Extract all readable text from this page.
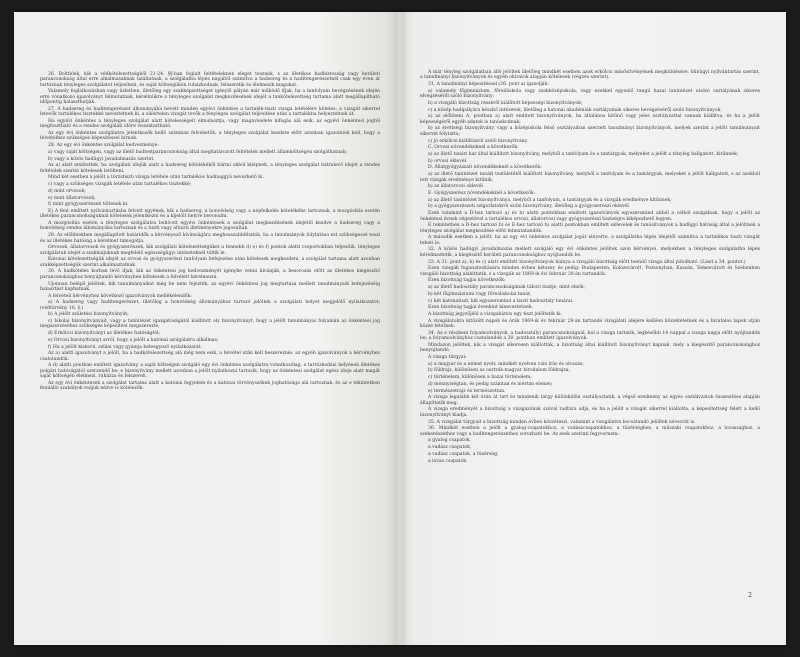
26. Boltfelek, kik a védkötelezettségből 21-24. §§-ban foglalt feltételeknek eleget tesznek, s az illetékes hadbiztosság vagy kerületi parancsnokság által erre alkalmasaknak találtatnak, a szolgálatba lépés napjától számítva a hadsereg és a haditengerészetnél csak egy éven át tartoznak tényleges szolgálatot teljesíteni, és saját költségükön ruházkodnak, felszerelik és élelmezik magukat.

Valamely foglalkozásban vagy üzletben, illetőleg egy szakképzettséget igénylő pályán már működő ifjak, ha a tanfolyam bevégzésének idején erre vonatkozó igazolványt felmutatnak, kérelmükre a tényleges szolgálat megkezdésének idejét a tankötelezettség tartama alatt megállapítható időpontig halaszthatják.

27. A hadsereg és haditengerészet állományába bevett minden egyévi önkéntes a tartalék-tiszti vizsga letételére köteles; a vizsgát sikerrel letevők tartalékos tisztekké neveztetnek ki, a sikertelen vizsgát tevők a tényleges szolgálat teljesítése után a tartalékba helyeztetnek át.

Ha egyévi önkéntes a tényleges szolgálat alatt kötelességeit elmulasztja, vagy magaviselete kifogás alá esik, az egyévi önkéntesi jogtól megfosztható és a rendes szolgálati időre visszatartható.

Az egy évi önkéntes szolgálatra jelentkezők kellő számban felvehetők, a tényleges szolgálat kezdete előtt azonban igazolniok kell, hogy a felvételhez szükséges képesítéssel bírnak.

28. Az egy évi önkéntes szolgálat kedvezménye:

a) vagy saját költségen, vagy az illető hadtestparancsnokság által meghatározott feltételek mellett államköltségen szolgálhatnak;

b) vagy a közös hadügyi javadalmazás szerint.

Az a) alatt említettek, ha szolgálati idejük alatt a hadsereg kötelékéből bármi okból kilépnek, a tényleges szolgálat hátralevő idejét a rendes feltételek szerint kötelesek letölteni.

Mind két esetben a jelölt a törzstiszti vizsga letétele után tartalékos hadnaggyá nevezhető ki.

c) vagy a szükséges vizsgák letétele után tartalékos tisztekké;

d) mint orvosok;

e) mint állatorvosok;

f) mint gyógyszerészek töltenek ki.

E) A fent említett nyilvántartásba felvett egyének, kik a hadsereg, a honvédség vagy a népfelkelés kötelékébe tartoznak, a mozgósítás esetén illetékes parancsnokságuknál kötelesek jelentkezni és a kijelölt helyre bevonulni.

A mozgósítás esetén a tényleges szolgálatra behívott egyévi önkéntesek a szolgálat megkezdésének idejétől kezdve a hadsereg vagy a honvédség rendes állományába tartoznak és a tiszti vagy altiszti illetményekre jogosultak.

29. Az előbbiekben megállapított határidők a kérvényező kívánságára meghosszabbíthatók, ha a tanulmányok folytatása ezt szükségessé teszi és az illetékes hatóság a kérelmet támogatja.

Orvosok, állatorvosok és gyógyszerészek, kik szolgálati kötelezettségüket a fennebb d) e) és f) pontok alatti csoportokban teljesítik, tényleges szolgálatuk idejét a szakmájuknak megfelelő egészségügyi intézeteknél töltik le.

Katonai kötelezettségük idejét az orvosi és gyógyszerészi tanfolyam befejezése után kötelesek megkezdeni, a szolgálat tartama alatt azonban szakképzettségük szerint alkalmaztatnak.

30. A hadköteles korban lévő ifjak, kik az önkéntesi jog kedvezményét igénybe venni kívánják, a besorozás előtt az illetékes kiegészítő parancsnoksághoz benyújtandó kérvényben kötelesek a felvételt kérelmezni.

Ujonnan belépő jelöltek, kik tanulmányaikat még be nem fejezték, az egyévi önkéntesi jog megtartása mellett tanulmányaik befejezéséig halasztást kaphatnak.

A felvételi kérvényhez következő igazolványok mellékelendők:

a) A hadsereg vagy haditengerészet, illetőleg a honvédség állományához tartozó jelöltek a szolgálati helyet megjelölő nyilatkozatot; (védtörvény 16. §.)

b) A jelölt születési bizonyítványát;

c) Iskolai bizonyítványait, vagy a tanintézet igazgatóságától kiállított oly bizonyítványt, hogy a jelölt tanulmányai folyamán az önkéntesi jog megszerzéséhez szükséges képesítést megszerezte;

d) Erkölcsi bizonyítványt az illetékes hatóságtól;

e) Orvosi bizonyítványt arról, hogy a jelölt a katonai szolgálatra alkalmas;

f) Ha a jelölt kiskorú, szülei vagy gyámja beleegyező nyilatkozatát.

Az a) alatti igazolványt a jelölt, ha a hadkötelezettség alá még nem esik, a felvétel után kell beszereznie; az egyéb igazolványok a kérvényhez csatolandók.

A d) alatti pontban említett igazolvány, a saját költségen szolgáló egy évi önkéntes szolgálatra vonatkozólag, a tartózkodási helyének illetékes polgári hatóságától szerzendő be; e bizonyítvány mellett azonban a jelölt nyilatkozni tartozik, hogy az önkéntesi szolgálat egész ideje alatt magát saját költségén élelmezi, ruházza és felszereli.

Az egy évi önkéntesek a szolgálat tartama alatt a katonai fegyelem és a katonai törvényszékek joghatósága alá tartoznak, és az e tekintetben fennálló szabályok reájuk nézve is kötelezők.

A már tényleg szolgálatban álló jelöltek illetőleg mindkét esetben azok erkölcsi minősítvényének megküldésére, bűnügyi nyilvántartás szerint, a tanulmányi bizonyítványok és egyéb okiratok alapján kötelesek (végzés szerint).

31. A tanulmányi képesítéssel (26. pont a) igazolják:

a) valamely főgimnázium, főreáliskola vagy szakközépiskola, vagy ezekkel egyenlő rangú hazai tanintézet utolsó osztályának sikeres elvégzéséről szóló bizonyítvány;

b) a vizsgáló bizottság részéről kiállított képességi bizonyítványok;

c) a közép hadipályára készítő intézetek, illetőleg a katonai akadémiák osztályainak sikeres bevégzéséről szóló bizonyítványok.

a) az előbbeni A. pontban a) alatt említett bizonyítványok, ha általános kitűnő vagy jeles osztályzattal vannak kiállítva, és ha a jelölt képességéről egyéb adatok is tanúskodnak;

b) az érettségi bizonyítvány, vagy a középiskola felső osztályaiban szerzett tanulmányi bizonyítványok, melyek szerint a jelölt tanulmányait sikerrel folytatta;

c) jó erkölcsi kiállításról szóló bizonyítvány.

C. Orvosi növendékeknél a következők:

a) az illető tanári kar által kiállított bizonyítvány, melyből a tanfolyam és a tantárgyak, melyeket a jelölt a tényleg hallgatott, kitűnnek;

b) orvosi oklevél.

D. Állatgyógyászati növendékeknél a következők:

a) az illető tanintézet tanári testületétől kiállított bizonyítvány, melyből a tanfolyam és a tantárgyak, melyeket a jelölt hallgatott, s az azokból tett vizsgák eredménye kitűnik;

b) az állatorvosi oklevél.

E. Gyógyszerész növendékeknél a következők:

a) az illető tanintézet bizonyítványa, melyből a tanfolyam, a tantárgyak és a vizsgák eredménye kitűnnek;

b) a gyógyszerészeti szigorlatokról szóló bizonyítvány, illetőleg a gyógyszerészi oklevél.

Ezek valamint a D-hez tartozó a) és b) alatti pontokban említett igazolványok egyszersmind abból a célból szolgálnak, hogy a jelölt az önkéntesi évnek végeztével a tartalékos orvosi, állatorvosi vagy gyógyszerészi tisztségre kiképezhető legyen.

E tekintetben a D-hez tartozó b) és E-hez tartozó b) alatti pontokban említett oklevelek és tanúsítványok a hadügyi hatóság által a jelöltnek a tényleges szolgálat megkezdése előtt felmutatandók.

A második esetben a jelölt, ha az egy évi önkéntes szolgálat jogát elnyerte, a szolgálatba lépés idejétől számítva a tartalékos tiszti vizsgát teheti le.

32. A közös hadügyi javadalmazás mellett szolgáló egy évi önkéntes jelöltek azon kérvényei, melyekben a tényleges szolgálatba lépés kérelmeztetik, a kiegészítő kerületi parancsnoksághoz nyújtandók be.

33. A 31. pont a), b) és c) alatt említett bizonyítványok hiánya a vizsgáló bizottság előtt teendő vizsga által pótolható. (Lásd a 34. pontot.)

Ezen vizsgák foganatosítására minden évben kétszer, és pedig: Budapesten, Kolozsvárott, Pozsonyban, Kassán, Temesvárott és Szebenben vizsgáló bizottság alakíttatik, s a vizsgák az 1869-ik évi február 28-án tartandók.

Ezen bizottság tagjai következők:

a) az illető hadosztály parancsnokságának tábori tisztje, mint elnök,

b) két főgimnáziumi vagy főreáliskolai tanár,

c) két katonatiszt, kik egyszersmind a tiszti hadosztály tanárai.

Ezen bizottság tagjai évenkint kineveztetnek.

A bizottság jegyzőjéül a vizsgabiztos egy tiszt jelöltetik ki.

A vizsgálatokra kitűzött napok és órák 1869-ik év február 28-án tartandó vizsgálati idejére kellően közzétételnek és a hivatalos lapok utján közzé tétetnek.

34. Az e részbeni folyamodványok, a hadosztályi parancsnokságnál, hol a vizsga tartatik, legkésőbb 14 nappal a vizsga napja előtt nyújtandók be; a folyamodványhoz csatolandók a 30. pontban említett igazolványok.

Mindazon jelöltek, kik a vizsgát sikeresen kiállották, a bizottság által kiállított bizonyítványt kapnak, mely a kiegészítő parancsnoksághoz benyújtandó.

A vizsga tárgyai:

a) a magyar és a német nyelv, mindkét nyelven való írás és olvasás;

b) földrajz, különösen az osztrák-magyar birodalom földrajza;

c) történelem, különösen a hazai történelem;

d) mennyiségtan, és pedig számtan és mértan elemei;

e) természetrajz és természettan.

A vizsga legalább két órán át tart és mindenik tárgy különkülön osztályoztatik, a végső eredmény az egyes osztályzatok összesítése alapján állapíttatik meg.

A vizsga eredményét a bizottság a vizsgázónak szóval tudtára adja, és ha a jelölt a vizsgát sikerrel kiállotta, a képesítettség felett a kellő bizonyítványt kiadja.

35. A vizsgálat tárgyait a bizottság minden évben közzéteszi, valamint a vizsgálatra bocsátandó jelöltek névsorát is.

36. Mindkét esetben a jelölt a gyalog-csapatokhoz, a vadászcsapatokhoz, a tüzérséghez, a műszaki csapatokhoz, a lovassághoz, a szekerészethez vagy a haditengerészethez sorozható be. Az ezek szerinti fegyvernem:

a gyalog csapatok,

a vadász csapatok,

a vadász csapatok, a tüzérség,

a lovas csapatok.

2
